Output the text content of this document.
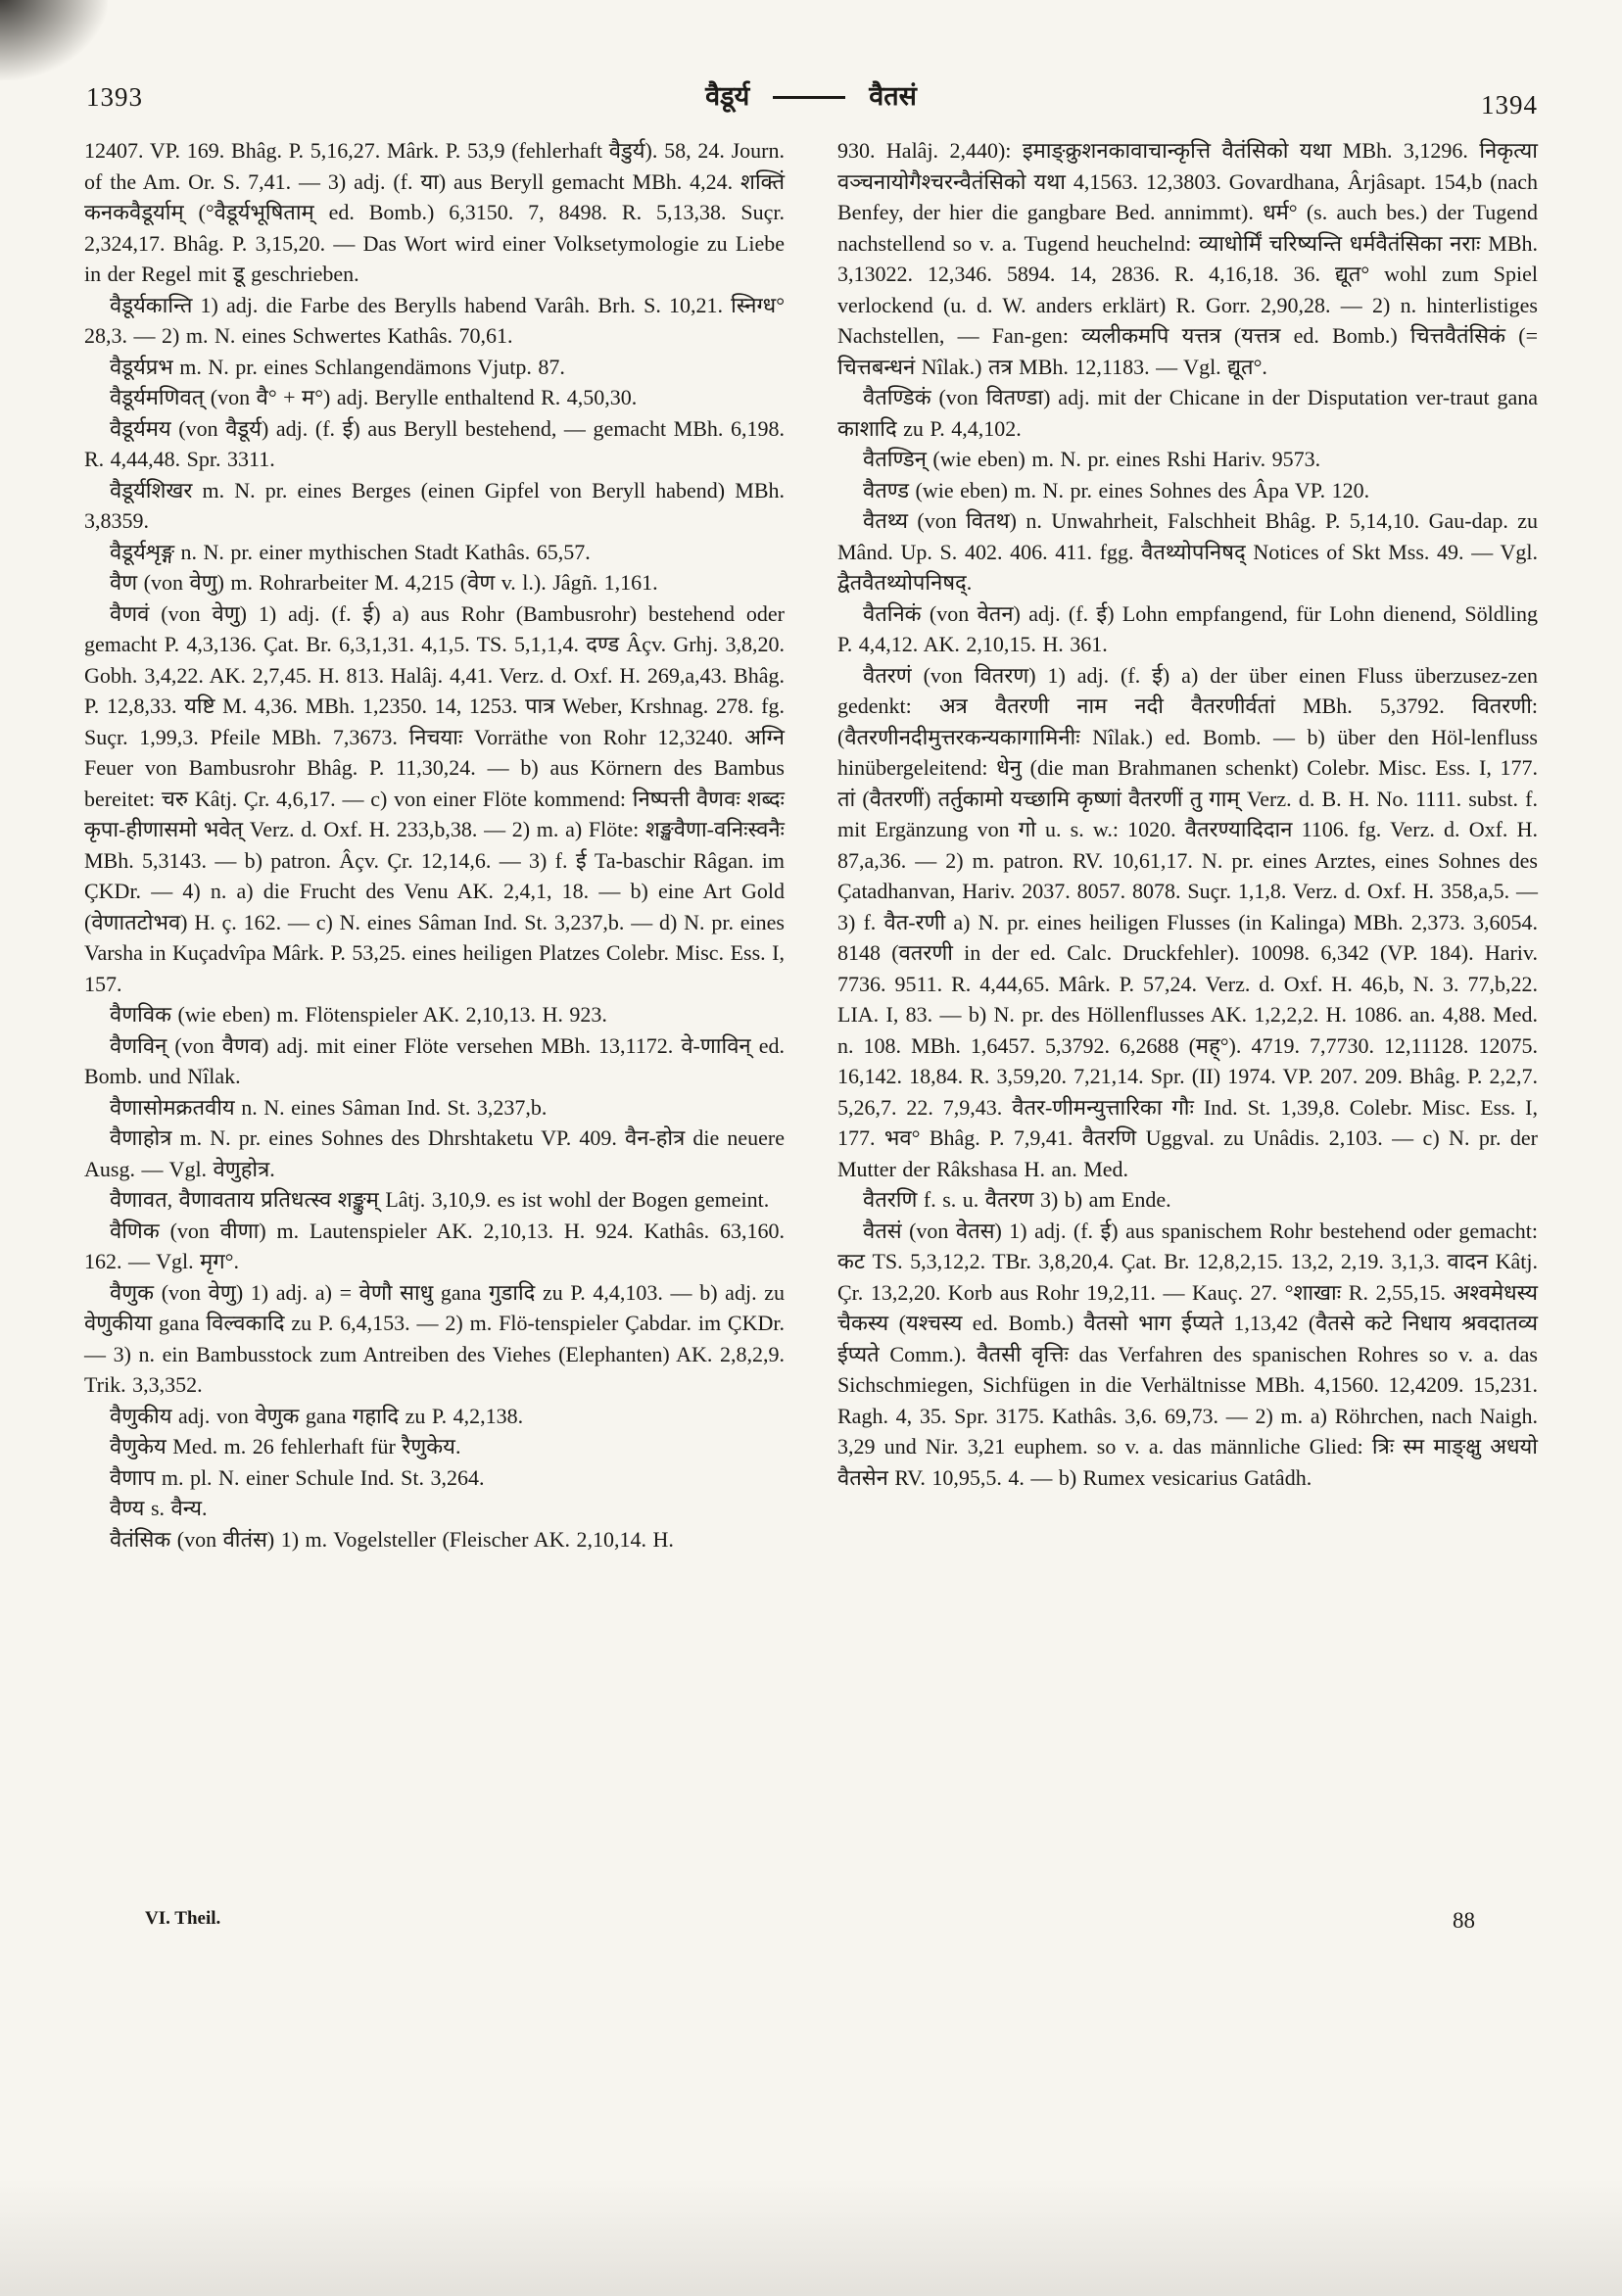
1393	वैडूर्य	वैतसं	1394

12407. VP. 169. Bhâg. P. 5,16,27. Mârk. P. 53,9 (fehlerhaft वैडुर्य). 58, 24. Journ. of the Am. Or. S. 7,41. — 3) adj. (f. या) aus Beryll gemacht MBh. 4,24. शक्तिं कनकवैडूर्याम् (°वैडूर्यभूषिताम् ed. Bomb.) 6,3150. 7, 8498. R. 5,13,38. Suçr. 2,324,17. Bhâg. P. 3,15,20. — Das Wort wird einer Volksetymologie zu Liebe in der Regel mit डू geschrieben.

वैडूर्यकान्ति 1) adj. die Farbe des Berylls habend Varâh. Brh. S. 10,21. स्निग्ध° 28,3. — 2) m. N. eines Schwertes Kathâs. 70,61.

वैडूर्यप्रभ m. N. pr. eines Schlangendämons Vjutp. 87.

वैडूर्यमणिवत् (von वै° + म°) adj. Berylle enthaltend R. 4,50,30.

वैडूर्यमय (von वैडूर्य) adj. (f. ई) aus Beryll bestehend, — gemacht MBh. 6,198. R. 4,44,48. Spr. 3311.

वैडूर्यशिखर m. N. pr. eines Berges (einen Gipfel von Beryll habend) MBh. 3,8359.

वैडूर्यशृङ्ग n. N. pr. einer mythischen Stadt Kathâs. 65,57.

वैण (von वेणु) m. Rohrarbeiter M. 4,215 (वेण v. l.). Jâgñ. 1,161.

वैणवं (von वेणु) 1) adj. (f. ई) a) aus Rohr (Bambusrohr) bestehend oder gemacht P. 4,3,136. Çat. Br. 6,3,1,31. 4,1,5. TS. 5,1,1,4. दण्ड Âçv. Grhj. 3,8,20. Gobh. 3,4,22. AK. 2,7,45. H. 813. Halâj. 4,41. Verz. d. Oxf. H. 269,a,43. Bhâg. P. 12,8,33. यष्टि M. 4,36. MBh. 1,2350. 14, 1253. पात्र Weber, Krshnag. 278. fg. Suçr. 1,99,3. Pfeile MBh. 7,3673. निचयाः Vorräthe von Rohr 12,3240. अग्नि Feuer von Bambusrohr Bhâg. P. 11,30,24. — b) aus Körnern des Bambus bereitet: चरु Kâtj. Çr. 4,6,17. — c) von einer Flöte kommend: निष्पत्ती वैणवः शब्दः कृपा-हीणासमो भवेत् Verz. d. Oxf. H. 233,b,38. — 2) m. a) Flöte: शङ्खवैणा-वनिःस्वनैः MBh. 5,3143. — b) patron. Âçv. Çr. 12,14,6. — 3) f. ई Ta-baschir Râgan. im ÇKDr. — 4) n. a) die Frucht des Venu AK. 2,4,1, 18. — b) eine Art Gold (वेणातटोभव) H. ç. 162. — c) N. eines Sâman Ind. St. 3,237,b. — d) N. pr. eines Varsha in Kuçadvîpa Mârk. P. 53,25. eines heiligen Platzes Colebr. Misc. Ess. I, 157.

वैणविक (wie eben) m. Flötenspieler AK. 2,10,13. H. 923.

वैणविन् (von वैणव) adj. mit einer Flöte versehen MBh. 13,1172. वे-णाविन् ed. Bomb. und Nîlak.

वैणासोमक्रतवीय n. N. eines Sâman Ind. St. 3,237,b.

वैणाहोत्र m. N. pr. eines Sohnes des Dhrshtaketu VP. 409. वैन-होत्र die neuere Ausg. — Vgl. वेणुहोत्र.

वैणावत, वैणावताय प्रतिधत्स्व शङ्कुम् Lâtj. 3,10,9. es ist wohl der Bogen gemeint.

वैणिक (von वीणा) m. Lautenspieler AK. 2,10,13. H. 924. Kathâs. 63,160. 162. — Vgl. मृग°.

वैणुक (von वेणु) 1) adj. a) = वेणौ साधु gana गुडादि zu P. 4,4,103. — b) adj. zu वेणुकीया gana विल्वकादि zu P. 6,4,153. — 2) m. Flö-tenspieler Çabdar. im ÇKDr. — 3) n. ein Bambusstock zum Antreiben des Viehes (Elephanten) AK. 2,8,2,9. Trik. 3,3,352.

वैणुकीय adj. von वेणुक gana गहादि zu P. 4,2,138.

वैणुकेय Med. m. 26 fehlerhaft für रैणुकेय.

वैणाप m. pl. N. einer Schule Ind. St. 3,264.

वैण्य s. वैन्य.

वैतंसिक (von वीतंस) 1) m. Vogelsteller (Fleischer AK. 2,10,14. H.

930. Halâj. 2,440): इमाङ्क्रुशनकावाचान्कृत्ति वैतंसिको यथा MBh. 3,1296. निकृत्या वञ्चनायोगैश्चरन्वैतंसिको यथा 4,1563. 12,3803. Govardhana, Ârjâsapt. 154,b (nach Benfey, der hier die gangbare Bed. annimmt). धर्म° (s. auch bes.) der Tugend nachstellend so v. a. Tugend heuchelnd: व्याधोर्मिं चरिष्यन्ति धर्मवैतंसिका नराः MBh. 3,13022. 12,346. 5894. 14, 2836. R. 4,16,18. 36. द्यूत° wohl zum Spiel verlockend (u. d. W. anders erklärt) R. Gorr. 2,90,28. — 2) n. hinterlistiges Nachstellen, — Fan-gen: व्यलीकमपि यत्तत्र (यत्तत्र ed. Bomb.) चित्तवैतंसिकं (= चित्तबन्धनं Nîlak.) तत्र MBh. 12,1183. — Vgl. द्यूत°.

वैतण्डिकं (von वितण्डा) adj. mit der Chicane in der Disputation ver-traut gana काशादि zu P. 4,4,102.

वैतण्डिन् (wie eben) m. N. pr. eines Rshi Hariv. 9573.

वैतण्ड (wie eben) m. N. pr. eines Sohnes des Âpa VP. 120.

वैतथ्य (von वितथ) n. Unwahrheit, Falschheit Bhâg. P. 5,14,10. Gau-dap. zu Mând. Up. S. 402. 406. 411. fgg. वैतथ्योपनिषद् Notices of Skt Mss. 49. — Vgl. द्वैतवैतथ्योपनिषद्.

वैतनिकं (von वेतन) adj. (f. ई) Lohn empfangend, für Lohn dienend, Söldling P. 4,4,12. AK. 2,10,15. H. 361.

वैतरणं (von वितरण) 1) adj. (f. ई) a) der über einen Fluss überzusez-zen gedenkt: अत्र वैतरणी नाम नदी वैतरणीर्वतां MBh. 5,3792. वितरणी: (वैतरणीनदीमुत्तरकन्यकागामिनीः Nîlak.) ed. Bomb. — b) über den Höl-lenfluss hinübergeleitend: धेनु (die man Brahmanen schenkt) Colebr. Misc. Ess. I, 177. तां (वैतरणीं) तर्तुकामो यच्छामि कृष्णां वैतरणीं तु गाम् Verz. d. B. H. No. 1111. subst. f. mit Ergänzung von गो u. s. w.: 1020. वैतरण्यादिदान 1106. fg. Verz. d. Oxf. H. 87,a,36. — 2) m. patron. RV. 10,61,17. N. pr. eines Arztes, eines Sohnes des Çatadhanvan, Hariv. 2037. 8057. 8078. Suçr. 1,1,8. Verz. d. Oxf. H. 358,a,5. — 3) f. वैत-रणी a) N. pr. eines heiligen Flusses (in Kalinga) MBh. 2,373. 3,6054. 8148 (वतरणी in der ed. Calc. Druckfehler). 10098. 6,342 (VP. 184). Hariv. 7736. 9511. R. 4,44,65. Mârk. P. 57,24. Verz. d. Oxf. H. 46,b, N. 3. 77,b,22. LIA. I, 83. — b) N. pr. des Höllenflusses AK. 1,2,2,2. H. 1086. an. 4,88. Med. n. 108. MBh. 1,6457. 5,3792. 6,2688 (मह्°). 4719. 7,7730. 12,11128. 12075. 16,142. 18,84. R. 3,59,20. 7,21,14. Spr. (II) 1974. VP. 207. 209. Bhâg. P. 2,2,7. 5,26,7. 22. 7,9,43. वैतर-णीमन्युत्तारिका गौः Ind. St. 1,39,8. Colebr. Misc. Ess. I, 177. भव° Bhâg. P. 7,9,41. वैतरणि Uggval. zu Unâdis. 2,103. — c) N. pr. der Mutter der Râkshasa H. an. Med.

वैतरणि f. s. u. वैतरण 3) b) am Ende.

वैतसं (von वेतस) 1) adj. (f. ई) aus spanischem Rohr bestehend oder gemacht: कट TS. 5,3,12,2. TBr. 3,8,20,4. Çat. Br. 12,8,2,15. 13,2, 2,19. 3,1,3. वादन Kâtj. Çr. 13,2,20. Korb aus Rohr 19,2,11. — Kauç. 27. °शाखाः R. 2,55,15. अश्वमेधस्य चैकस्य (यश्चस्य ed. Bomb.) वैतसो भाग ईप्यते 1,13,42 (वैतसे कटे निधाय श्रवदातव्य ईप्यते Comm.). वैतसी वृत्तिः das Verfahren des spanischen Rohres so v. a. das Sichschmiegen, Sichfügen in die Verhältnisse MBh. 4,1560. 12,4209. 15,231. Ragh. 4, 35. Spr. 3175. Kathâs. 3,6. 69,73. — 2) m. a) Röhrchen, nach Naigh. 3,29 und Nir. 3,21 euphem. so v. a. das männliche Glied: त्रिः स्म माङ्क्षु अधयो वैतसेन RV. 10,95,5. 4. — b) Rumex vesicarius Gatâdh.

VI. Theil.	88
